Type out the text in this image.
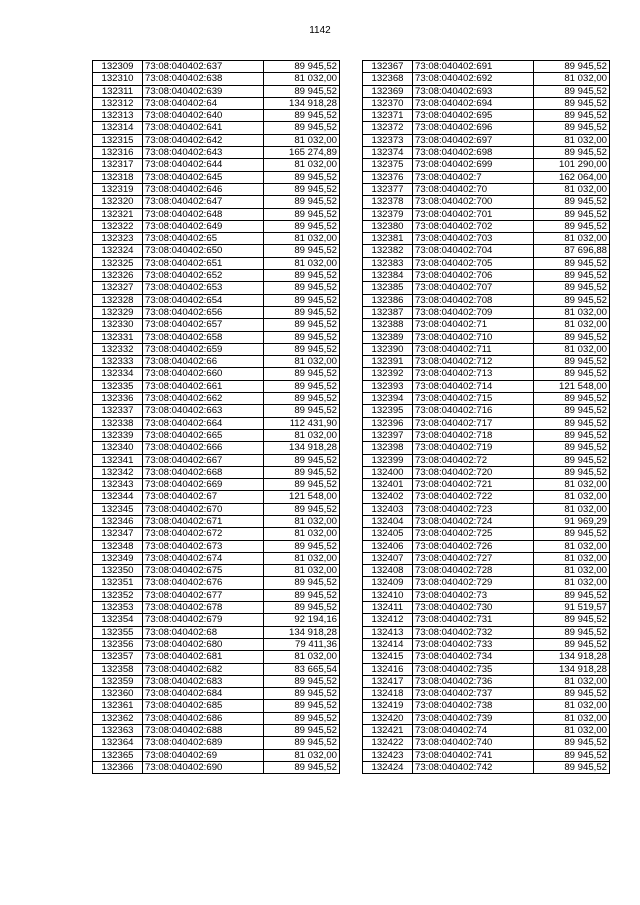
1142
132309	73:08:040402:637	89 945,52
132310	73:08:040402:638	81 032,00
132311	73:08:040402:639	89 945,52
132312	73:08:040402:64	134 918,28
132313	73:08:040402:640	89 945,52
132314	73:08:040402:641	89 945,52
132315	73:08:040402:642	81 032,00
132316	73:08:040402:643	165 274,89
132317	73:08:040402:644	81 032,00
132318	73:08:040402:645	89 945,52
132319	73:08:040402:646	89 945,52
132320	73:08:040402:647	89 945,52
132321	73:08:040402:648	89 945,52
132322	73:08:040402:649	89 945,52
132323	73:08:040402:65	81 032,00
132324	73:08:040402:650	89 945,52
132325	73:08:040402:651	81 032,00
132326	73:08:040402:652	89 945,52
132327	73:08:040402:653	89 945,52
132328	73:08:040402:654	89 945,52
132329	73:08:040402:656	89 945,52
132330	73:08:040402:657	89 945,52
132331	73:08:040402:658	89 945,52
132332	73:08:040402:659	89 945,52
132333	73:08:040402:66	81 032,00
132334	73:08:040402:660	89 945,52
132335	73:08:040402:661	89 945,52
132336	73:08:040402:662	89 945,52
132337	73:08:040402:663	89 945,52
132338	73:08:040402:664	112 431,90
132339	73:08:040402:665	81 032,00
132340	73:08:040402:666	134 918,28
132341	73:08:040402:667	89 945,52
132342	73:08:040402:668	89 945,52
132343	73:08:040402:669	89 945,52
132344	73:08:040402:67	121 548,00
132345	73:08:040402:670	89 945,52
132346	73:08:040402:671	81 032,00
132347	73:08:040402:672	81 032,00
132348	73:08:040402:673	89 945,52
132349	73:08:040402:674	81 032,00
132350	73:08:040402:675	81 032,00
132351	73:08:040402:676	89 945,52
132352	73:08:040402:677	89 945,52
132353	73:08:040402:678	89 945,52
132354	73:08:040402:679	92 194,16
132355	73:08:040402:68	134 918,28
132356	73:08:040402:680	79 411,36
132357	73:08:040402:681	81 032,00
132358	73:08:040402:682	83 665,54
132359	73:08:040402:683	89 945,52
132360	73:08:040402:684	89 945,52
132361	73:08:040402:685	89 945,52
132362	73:08:040402:686	89 945,52
132363	73:08:040402:688	89 945,52
132364	73:08:040402:689	89 945,52
132365	73:08:040402:69	81 032,00
132366	73:08:040402:690	89 945,52
132367	73:08:040402:691	89 945,52
132368	73:08:040402:692	81 032,00
132369	73:08:040402:693	89 945,52
132370	73:08:040402:694	89 945,52
132371	73:08:040402:695	89 945,52
132372	73:08:040402:696	89 945,52
132373	73:08:040402:697	81 032,00
132374	73:08:040402:698	89 945,52
132375	73:08:040402:699	101 290,00
132376	73:08:040402:7	162 064,00
132377	73:08:040402:70	81 032,00
132378	73:08:040402:700	89 945,52
132379	73:08:040402:701	89 945,52
132380	73:08:040402:702	89 945,52
132381	73:08:040402:703	81 032,00
132382	73:08:040402:704	87 696,88
132383	73:08:040402:705	89 945,52
132384	73:08:040402:706	89 945,52
132385	73:08:040402:707	89 945,52
132386	73:08:040402:708	89 945,52
132387	73:08:040402:709	81 032,00
132388	73:08:040402:71	81 032,00
132389	73:08:040402:710	89 945,52
132390	73:08:040402:711	81 032,00
132391	73:08:040402:712	89 945,52
132392	73:08:040402:713	89 945,52
132393	73:08:040402:714	121 548,00
132394	73:08:040402:715	89 945,52
132395	73:08:040402:716	89 945,52
132396	73:08:040402:717	89 945,52
132397	73:08:040402:718	89 945,52
132398	73:08:040402:719	89 945,52
132399	73:08:040402:72	89 945,52
132400	73:08:040402:720	89 945,52
132401	73:08:040402:721	81 032,00
132402	73:08:040402:722	81 032,00
132403	73:08:040402:723	81 032,00
132404	73:08:040402:724	91 969,29
132405	73:08:040402:725	89 945,52
132406	73:08:040402:726	81 032,00
132407	73:08:040402:727	81 032,00
132408	73:08:040402:728	81 032,00
132409	73:08:040402:729	81 032,00
132410	73:08:040402:73	89 945,52
132411	73:08:040402:730	91 519,57
132412	73:08:040402:731	89 945,52
132413	73:08:040402:732	89 945,52
132414	73:08:040402:733	89 945,52
132415	73:08:040402:734	134 918,28
132416	73:08:040402:735	134 918,28
132417	73:08:040402:736	81 032,00
132418	73:08:040402:737	89 945,52
132419	73:08:040402:738	81 032,00
132420	73:08:040402:739	81 032,00
132421	73:08:040402:74	81 032,00
132422	73:08:040402:740	89 945,52
132423	73:08:040402:741	89 945,52
132424	73:08:040402:742	89 945,52
